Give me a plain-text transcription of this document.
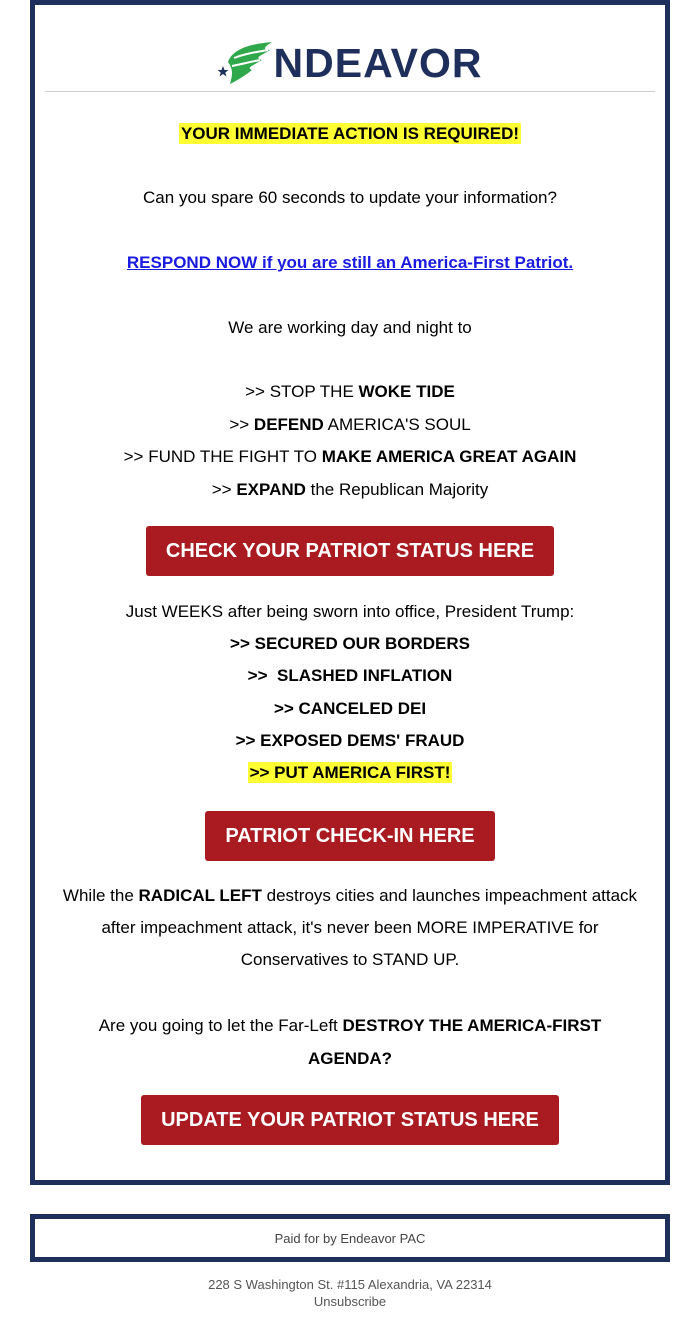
NDEAVOR
YOUR IMMEDIATE ACTION IS REQUIRED!
Can you spare 60 seconds to update your information?
RESPOND NOW if you are still an America-First Patriot.
We are working day and night to
>> STOP THE WOKE TIDE
>> DEFEND AMERICA'S SOUL
>> FUND THE FIGHT TO MAKE AMERICA GREAT AGAIN
>> EXPAND the Republican Majority
CHECK YOUR PATRIOT STATUS HERE
Just WEEKS after being sworn into office, President Trump:
>> SECURED OUR BORDERS
>>  SLASHED INFLATION
>> CANCELED DEI
>> EXPOSED DEMS' FRAUD
>> PUT AMERICA FIRST!
PATRIOT CHECK-IN HERE
While the RADICAL LEFT destroys cities and launches impeachment attack
after impeachment attack, it's never been MORE IMPERATIVE for
Conservatives to STAND UP.
Are you going to let the Far-Left DESTROY THE AMERICA-FIRST
AGENDA?
UPDATE YOUR PATRIOT STATUS HERE
Paid for by Endeavor PAC
228 S Washington St. #115 Alexandria, VA 22314
Unsubscribe
